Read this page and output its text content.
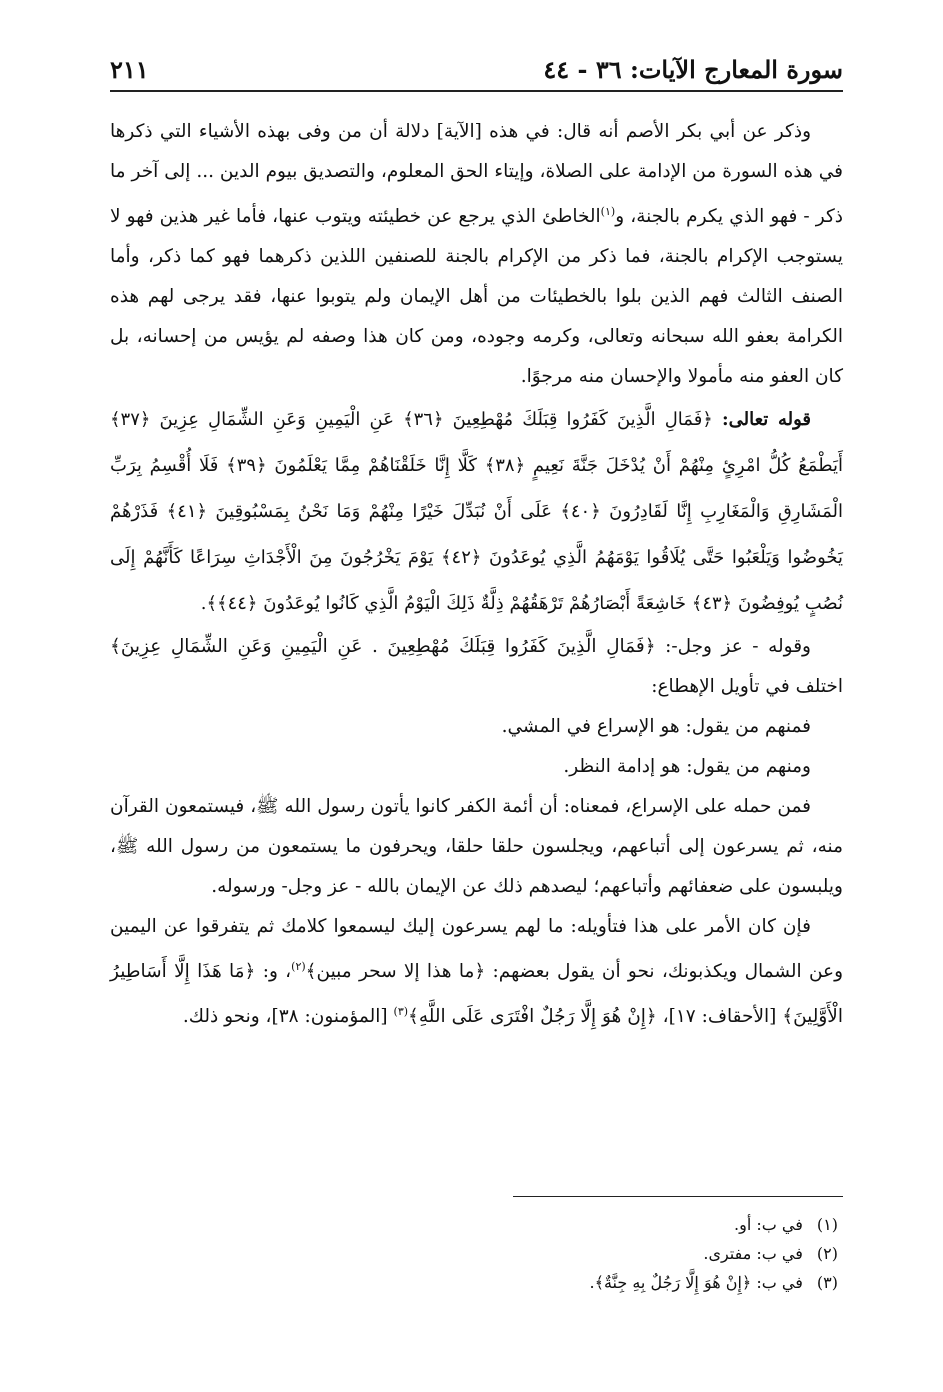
سورة المعارج الآيات: ٣٦ - ٤٤
٢١١

وذكر عن أبي بكر الأصم أنه قال: في هذه [الآية] دلالة أن من وفى بهذه الأشياء التي ذكرها في هذه السورة من الإدامة على الصلاة، وإيتاء الحق المعلوم، والتصديق بيوم الدين ... إلى آخر ما ذكر - فهو الذي يكرم بالجنة، و$^{(١)}$الخاطئ الذي يرجع عن خطيئته ويتوب عنها، فأما غير هذين فهو لا يستوجب الإكرام بالجنة، فما ذكر من الإكرام بالجنة للصنفين اللذين ذكرهما فهو كما ذكر، وأما الصنف الثالث فهم الذين بلوا بالخطيئات من أهل الإيمان ولم يتوبوا عنها، فقد يرجى لهم هذه الكرامة بعفو الله سبحانه وتعالى، وكرمه وجوده، ومن كان هذا وصفه لم يؤيس من إحسانه، بل كان العفو منه مأمولا والإحسان منه مرجوًا.

قوله تعالى: ﴿فَمَالِ الَّذِينَ كَفَرُوا قِبَلَكَ مُهْطِعِينَ ﴿٣٦﴾ عَنِ الْيَمِينِ وَعَنِ الشِّمَالِ عِزِينَ ﴿٣٧﴾ أَيَطْمَعُ كُلُّ امْرِئٍ مِنْهُمْ أَنْ يُدْخَلَ جَنَّةَ نَعِيمٍ ﴿٣٨﴾ كَلَّا إِنَّا خَلَقْنَاهُمْ مِمَّا يَعْلَمُونَ ﴿٣٩﴾ فَلَا أُقْسِمُ بِرَبِّ الْمَشَارِقِ وَالْمَغَارِبِ إِنَّا لَقَادِرُونَ ﴿٤٠﴾ عَلَى أَنْ نُبَدِّلَ خَيْرًا مِنْهُمْ وَمَا نَحْنُ بِمَسْبُوقِينَ ﴿٤١﴾ فَذَرْهُمْ يَخُوضُوا وَيَلْعَبُوا حَتَّى يُلَاقُوا يَوْمَهُمُ الَّذِي يُوعَدُونَ ﴿٤٢﴾ يَوْمَ يَخْرُجُونَ مِنَ الْأَجْدَاثِ سِرَاعًا كَأَنَّهُمْ إِلَى نُصُبٍ يُوفِضُونَ ﴿٤٣﴾ خَاشِعَةً أَبْصَارُهُمْ تَرْهَقُهُمْ ذِلَّةٌ ذَلِكَ الْيَوْمُ الَّذِي كَانُوا يُوعَدُونَ ﴿٤٤﴾﴾.

وقوله - عز وجل-: ﴿فَمَالِ الَّذِينَ كَفَرُوا قِبَلَكَ مُهْطِعِينَ . عَنِ الْيَمِينِ وَعَنِ الشِّمَالِ عِزِينَ﴾ اختلف في تأويل الإهطاع:

فمنهم من يقول: هو الإسراع في المشي.

ومنهم من يقول: هو إدامة النظر.

فمن حمله على الإسراع، فمعناه: أن أئمة الكفر كانوا يأتون رسول الله ﷺ، فيستمعون القرآن منه، ثم يسرعون إلى أتباعهم، ويجلسون حلقا حلقا، ويحرفون ما يستمعون من رسول الله ﷺ، ويلبسون على ضعفائهم وأتباعهم؛ ليصدهم ذلك عن الإيمان بالله - عز وجل- ورسوله.

فإن كان الأمر على هذا فتأويله: ما لهم يسرعون إليك ليسمعوا كلامك ثم يتفرقوا عن اليمين وعن الشمال ويكذبونك، نحو أن يقول بعضهم: ﴿ما هذا إلا سحر مبين﴾$^{(٢)}$، و: ﴿مَا هَذَا إِلَّا أَسَاطِيرُ الْأَوَّلِينَ﴾ [الأحقاف: ١٧]، ﴿إِنْ هُوَ إِلَّا رَجُلٌ افْتَرَى عَلَى اللَّهِ﴾$^{(٣)}$ [المؤمنون: ٣٨]، ونحو ذلك.

(١)في ب: أو.
(٢)في ب: مفترى.
(٣)في ب: ﴿إِنْ هُوَ إِلَّا رَجُلٌ بِهِ جِنَّةٌ﴾.
